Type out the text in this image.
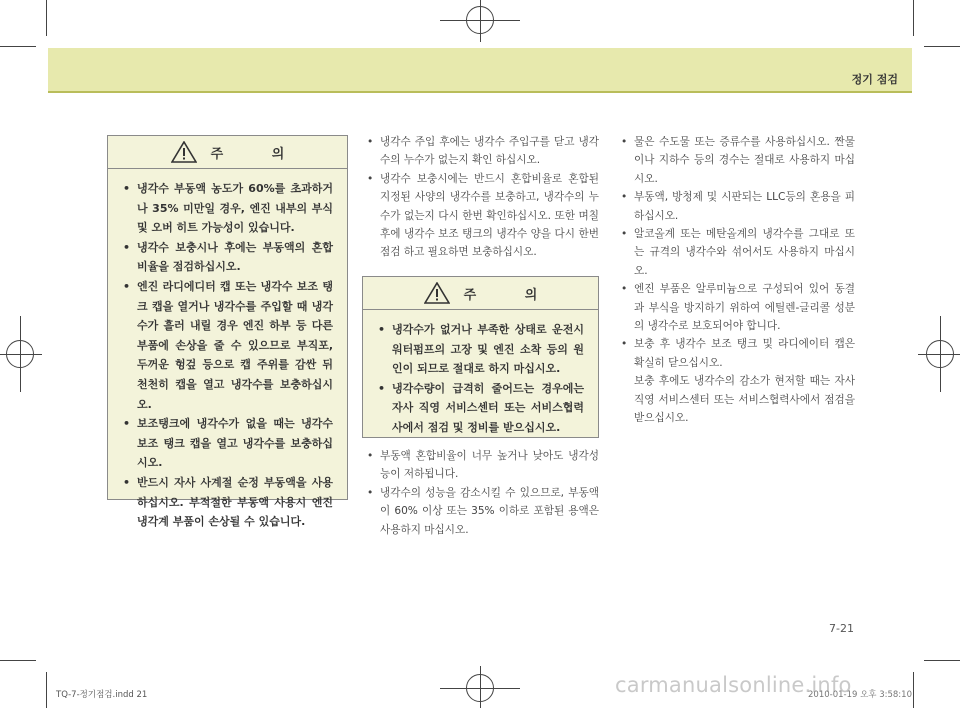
정기 점검
주 의
• 냉각수 부동액 농도가 60%를 초과하거나 35% 미만일 경우, 엔진 내부의 부식 및 오버 히트 가능성이 있습니다.
• 냉각수 보충시나 후에는 부동액의 혼합 비율을 점검하십시오.
• 엔진 라디에디터 캡 또는 냉각수 보조 탱크 캡을 열거나 냉각수를 주입할 때 냉각수가 흘러 내릴 경우 엔진 하부 등 다른 부품에 손상을 줄 수 있으므로 부직포, 두꺼운 헝겊 등으로 캡 주위를 감싼 뒤 천천히 캡을 열고 냉각수를 보충하십시오.
• 보조탱크에 냉각수가 없을 때는 냉각수 보조 탱크 캡을 열고 냉각수를 보충하십시오.
• 반드시 자사 사계절 순정 부동액을 사용하십시오. 부적절한 부동액 사용시 엔진 냉각계 부품이 손상될 수 있습니다.
• 냉각수 주입 후에는 냉각수 주입구를 닫고 냉각수의 누수가 없는지 확인 하십시오.
• 냉각수 보충시에는 반드시 혼합비율로 혼합된 지정된 사양의 냉각수를 보충하고, 냉각수의 누수가 없는지 다시 한번 확인하십시오. 또한 며칠 후에 냉각수 보조 탱크의 냉각수 양을 다시 한번 점검 하고 필요하면 보충하십시오.
주 의
• 냉각수가 없거나 부족한 상태로 운전시 워터펌프의 고장 및 엔진 소착 등의 원인이 되므로 절대로 하지 마십시오.
• 냉각수량이 급격히 줄어드는 경우에는 자사 직영 서비스센터 또는 서비스협력사에서 점검 및 정비를 받으십시오.
• 부동액 혼합비율이 너무 높거나 낮아도 냉각성능이 저하됩니다.
• 냉각수의 성능을 감소시킬 수 있으므로, 부동액이 60% 이상 또는 35% 이하로 포함된 용액은 사용하지 마십시오.
• 물은 수도물 또는 증류수를 사용하십시오. 짠물이나 지하수 등의 경수는 절대로 사용하지 마십시오.
• 부동액, 방청제 및 시판되는 LLC등의 혼용을 피하십시오.
• 알코올계 또는 메탄올계의 냉각수를 그대로 또는 규격의 냉각수와 섞어서도 사용하지 마십시오.
• 엔진 부품은 알루미늄으로 구성되어 있어 동결과 부식을 방지하기 위하여 에틸렌-글리콜 성분의 냉각수로 보호되어야 합니다.
• 보충 후 냉각수 보조 탱크 및 라디에이터 캡은 확실히 닫으십시오.
보충 후에도 냉각수의 감소가 현저할 때는 자사 직영 서비스센터 또는 서비스협력사에서 점검을 받으십시오.
7-21
TQ-7-정기점검.indd 21	carmanualsonline.info
2010-01-19 오후 3:58:10
